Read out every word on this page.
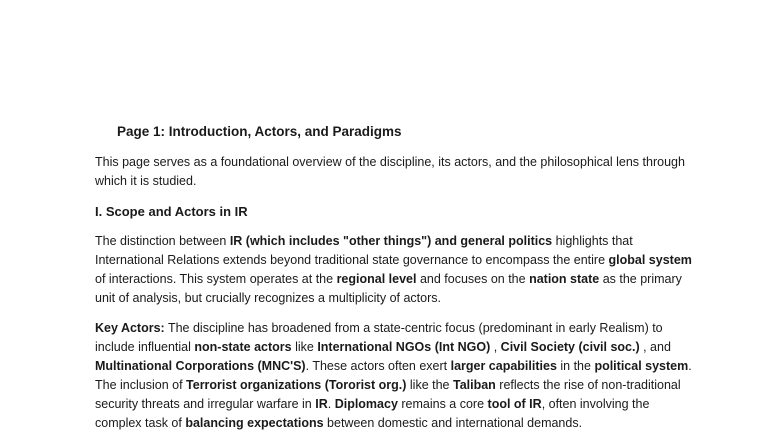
Page 1: Introduction, Actors, and Paradigms

This page serves as a foundational overview of the discipline, its actors, and the philosophical lens through which it is studied.

I. Scope and Actors in IR

The distinction between IR (which includes "other things") and general politics highlights that International Relations extends beyond traditional state governance to encompass the entire global system of interactions. This system operates at the regional level and focuses on the nation state as the primary unit of analysis, but crucially recognizes a multiplicity of actors.

Key Actors: The discipline has broadened from a state-centric focus (predominant in early Realism) to include influential non-state actors like International NGOs (Int NGO) , Civil Society (civil soc.) , and Multinational Corporations (MNC'S). These actors often exert larger capabilities in the political system. The inclusion of Terrorist organizations (Tororist org.) like the Taliban reflects the rise of non-traditional security threats and irregular warfare in IR. Diplomacy remains a core tool of IR, often involving the complex task of balancing expectations between domestic and international demands.
